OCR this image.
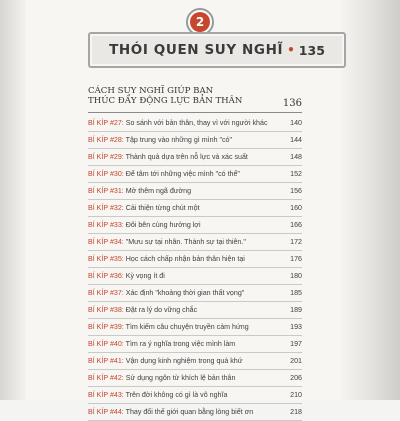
2
THÓI QUEN SUY NGHĨ • 135
CÁCH SUY NGHĨ GIÚP BẠN
THÚC ĐẨY ĐỘNG LỰC BẢN THÂN	136
BÍ KÍP #27: So sánh với bản thân, thay vì với người khác	140
BÍ KÍP #28: Tập trung vào những gì mình "có"	144
BÍ KÍP #29: Thành quả dựa trên nỗ lực và xác suất	148
BÍ KÍP #30: Để tâm tới những việc mình "có thể"	152
BÍ KÍP #31: Mở thêm ngã đường	156
BÍ KÍP #32: Cải thiện từng chút một	160
BÍ KÍP #33: Đôi bên cùng hưởng lợi	166
BÍ KÍP #34: "Mưu sự tại nhân. Thành sự tại thiên."	172
BÍ KÍP #35: Học cách chấp nhận bản thân hiện tại	176
BÍ KÍP #36: Kỳ vọng ít đi	180
BÍ KÍP #37: Xác định "khoảng thời gian thất vọng"	185
BÍ KÍP #38: Đặt ra lý do vững chắc	189
BÍ KÍP #39: Tìm kiếm câu chuyện truyền cảm hứng	193
BÍ KÍP #40: Tìm ra ý nghĩa trong việc mình làm	197
BÍ KÍP #41: Vận dụng kinh nghiệm trong quá khứ	201
BÍ KÍP #42: Sử dụng ngôn từ khích lệ bản thân	206
BÍ KÍP #43: Trên đời không có gì là vô nghĩa	210
BÍ KÍP #44: Thay đổi thế giới quan bằng lòng biết ơn	218
